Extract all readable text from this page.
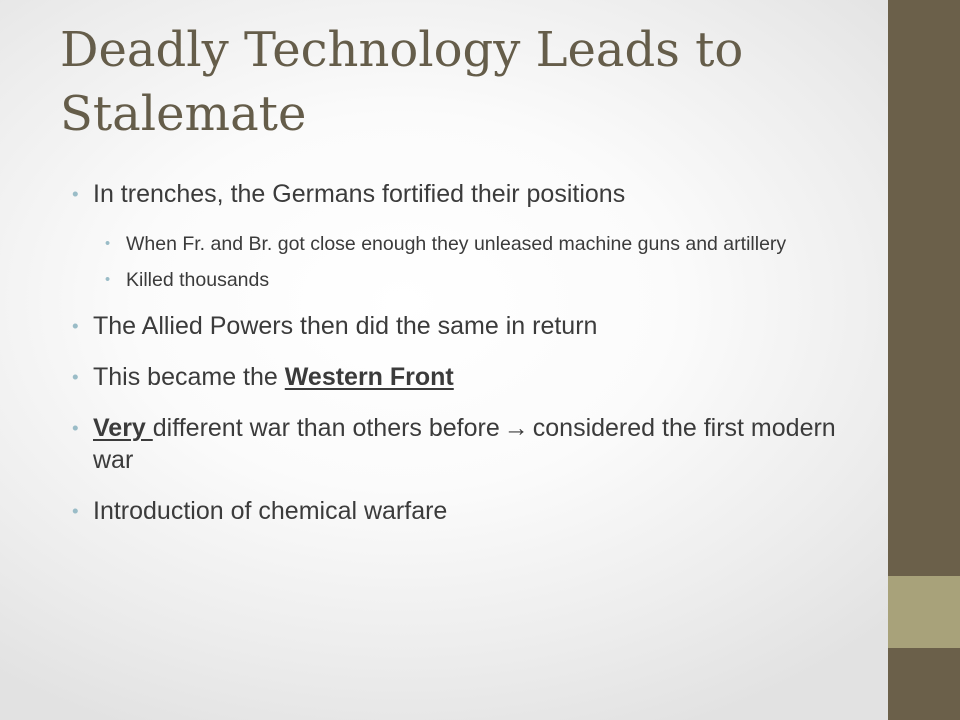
Deadly Technology Leads to Stalemate
• In trenches, the Germans fortified their positions
• When Fr. and Br. got close enough they unleased machine guns and artillery
• Killed thousands
• The Allied Powers then did the same in return
• This became the Western Front
• Very different war than others before → considered the first modern war
• Introduction of chemical warfare
